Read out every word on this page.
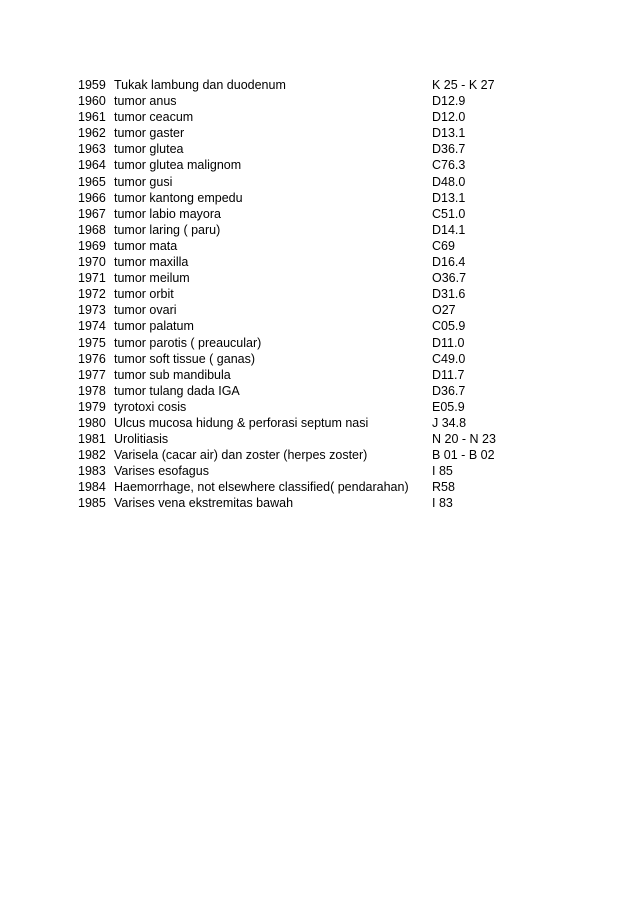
1959 Tukak lambung dan duodenum	K 25 - K 27
1960 tumor anus	D12.9
1961 tumor ceacum	D12.0
1962 tumor gaster	D13.1
1963 tumor glutea	D36.7
1964 tumor glutea malignom	C76.3
1965 tumor gusi	D48.0
1966 tumor kantong empedu	D13.1
1967 tumor labio mayora	C51.0
1968 tumor laring ( paru)	D14.1
1969 tumor mata	C69
1970 tumor maxilla	D16.4
1971 tumor meilum	O36.7
1972 tumor orbit	D31.6
1973 tumor ovari	O27
1974 tumor palatum	C05.9
1975 tumor parotis ( preaucular)	D11.0
1976 tumor soft tissue ( ganas)	C49.0
1977 tumor sub mandibula	D11.7
1978 tumor tulang dada IGA	D36.7
1979 tyrotoxi cosis	E05.9
1980 Ulcus mucosa hidung & perforasi septum nasi	J 34.8
1981 Urolitiasis	N 20 - N 23
1982 Varisela (cacar air) dan zoster (herpes zoster)	B 01 - B 02
1983 Varises esofagus	I 85
1984 Haemorrhage, not elsewhere classified( pendarahan)	R58
1985 Varises vena ekstremitas bawah	I 83
